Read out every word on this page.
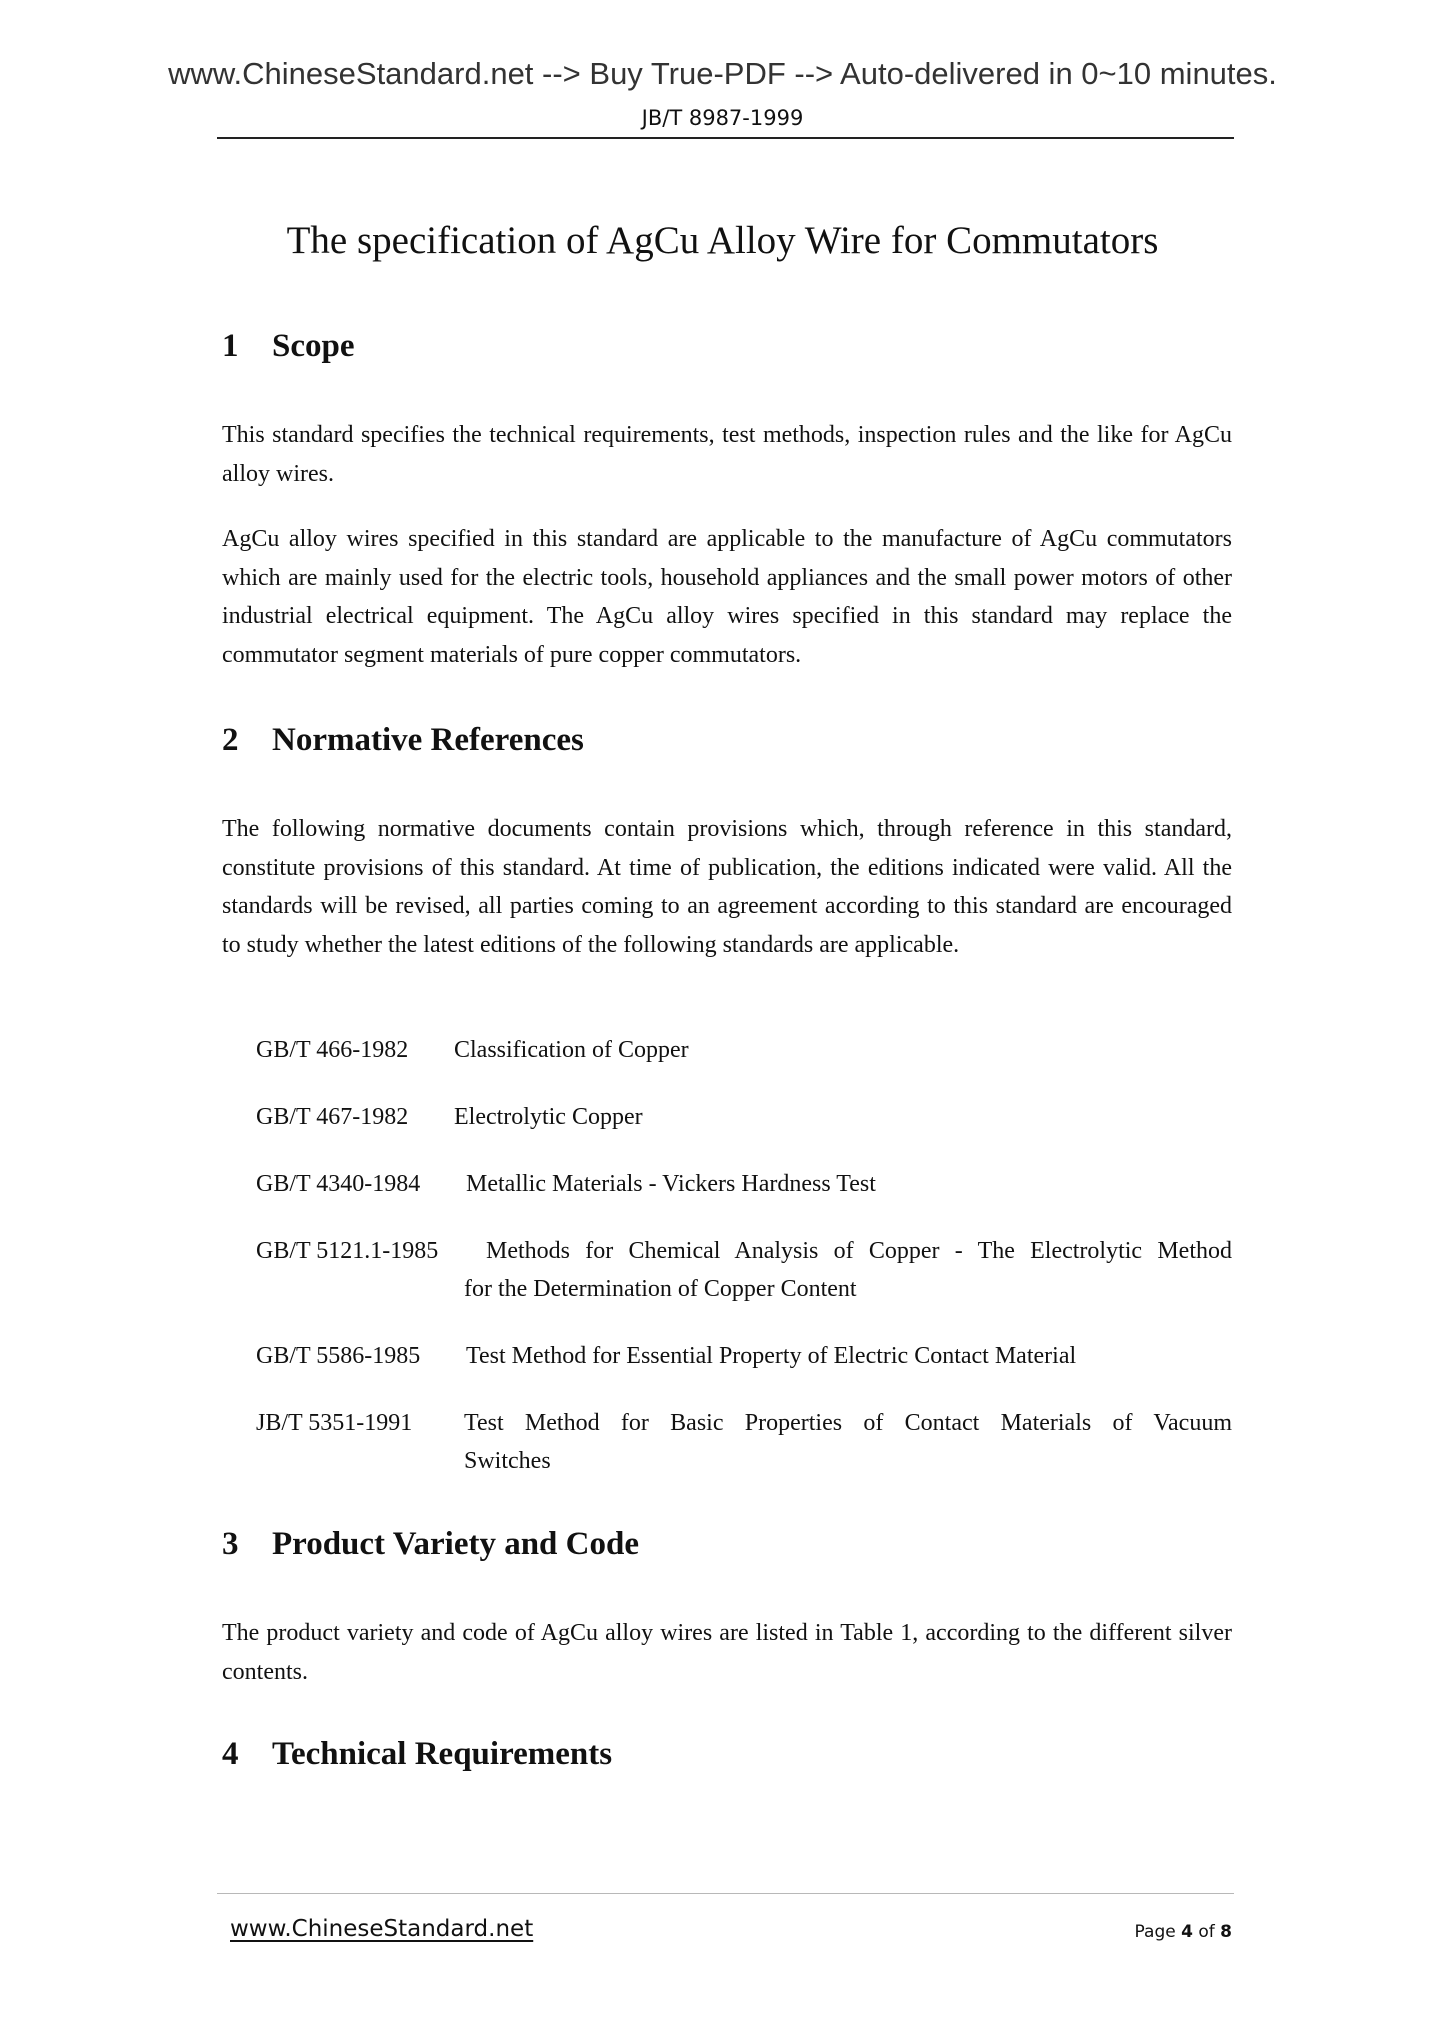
www.ChineseStandard.net --> Buy True-PDF --> Auto-delivered in 0~10 minutes.
JB/T 8987-1999
The specification of AgCu Alloy Wire for Commutators
1 Scope

This standard specifies the technical requirements, test methods, inspection rules and the like for AgCu alloy wires.

AgCu alloy wires specified in this standard are applicable to the manufacture of AgCu commutators which are mainly used for the electric tools, household appliances and the small power motors of other industrial electrical equipment. The AgCu alloy wires specified in this standard may replace the commutator segment materials of pure copper commutators.

2 Normative References

The following normative documents contain provisions which, through reference in this standard, constitute provisions of this standard. At time of publication, the editions indicated were valid. All the standards will be revised, all parties coming to an agreement according to this standard are encouraged to study whether the latest editions of the following standards are applicable.

GB/T 466-1982 Classification of Copper
GB/T 467-1982 Electrolytic Copper
GB/T 4340-1984 Metallic Materials - Vickers Hardness Test
GB/T 5121.1-1985 Methods for Chemical Analysis of Copper - The Electrolytic Method
for the Determination of Copper Content
GB/T 5586-1985 Test Method for Essential Property of Electric Contact Material
JB/T 5351-1991 Test Method for Basic Properties of Contact Materials of Vacuum
Switches
3 Product Variety and Code

The product variety and code of AgCu alloy wires are listed in Table 1, according to the different silver contents.

4 Technical Requirements
www.ChineseStandard.net	Page 4 of 8
